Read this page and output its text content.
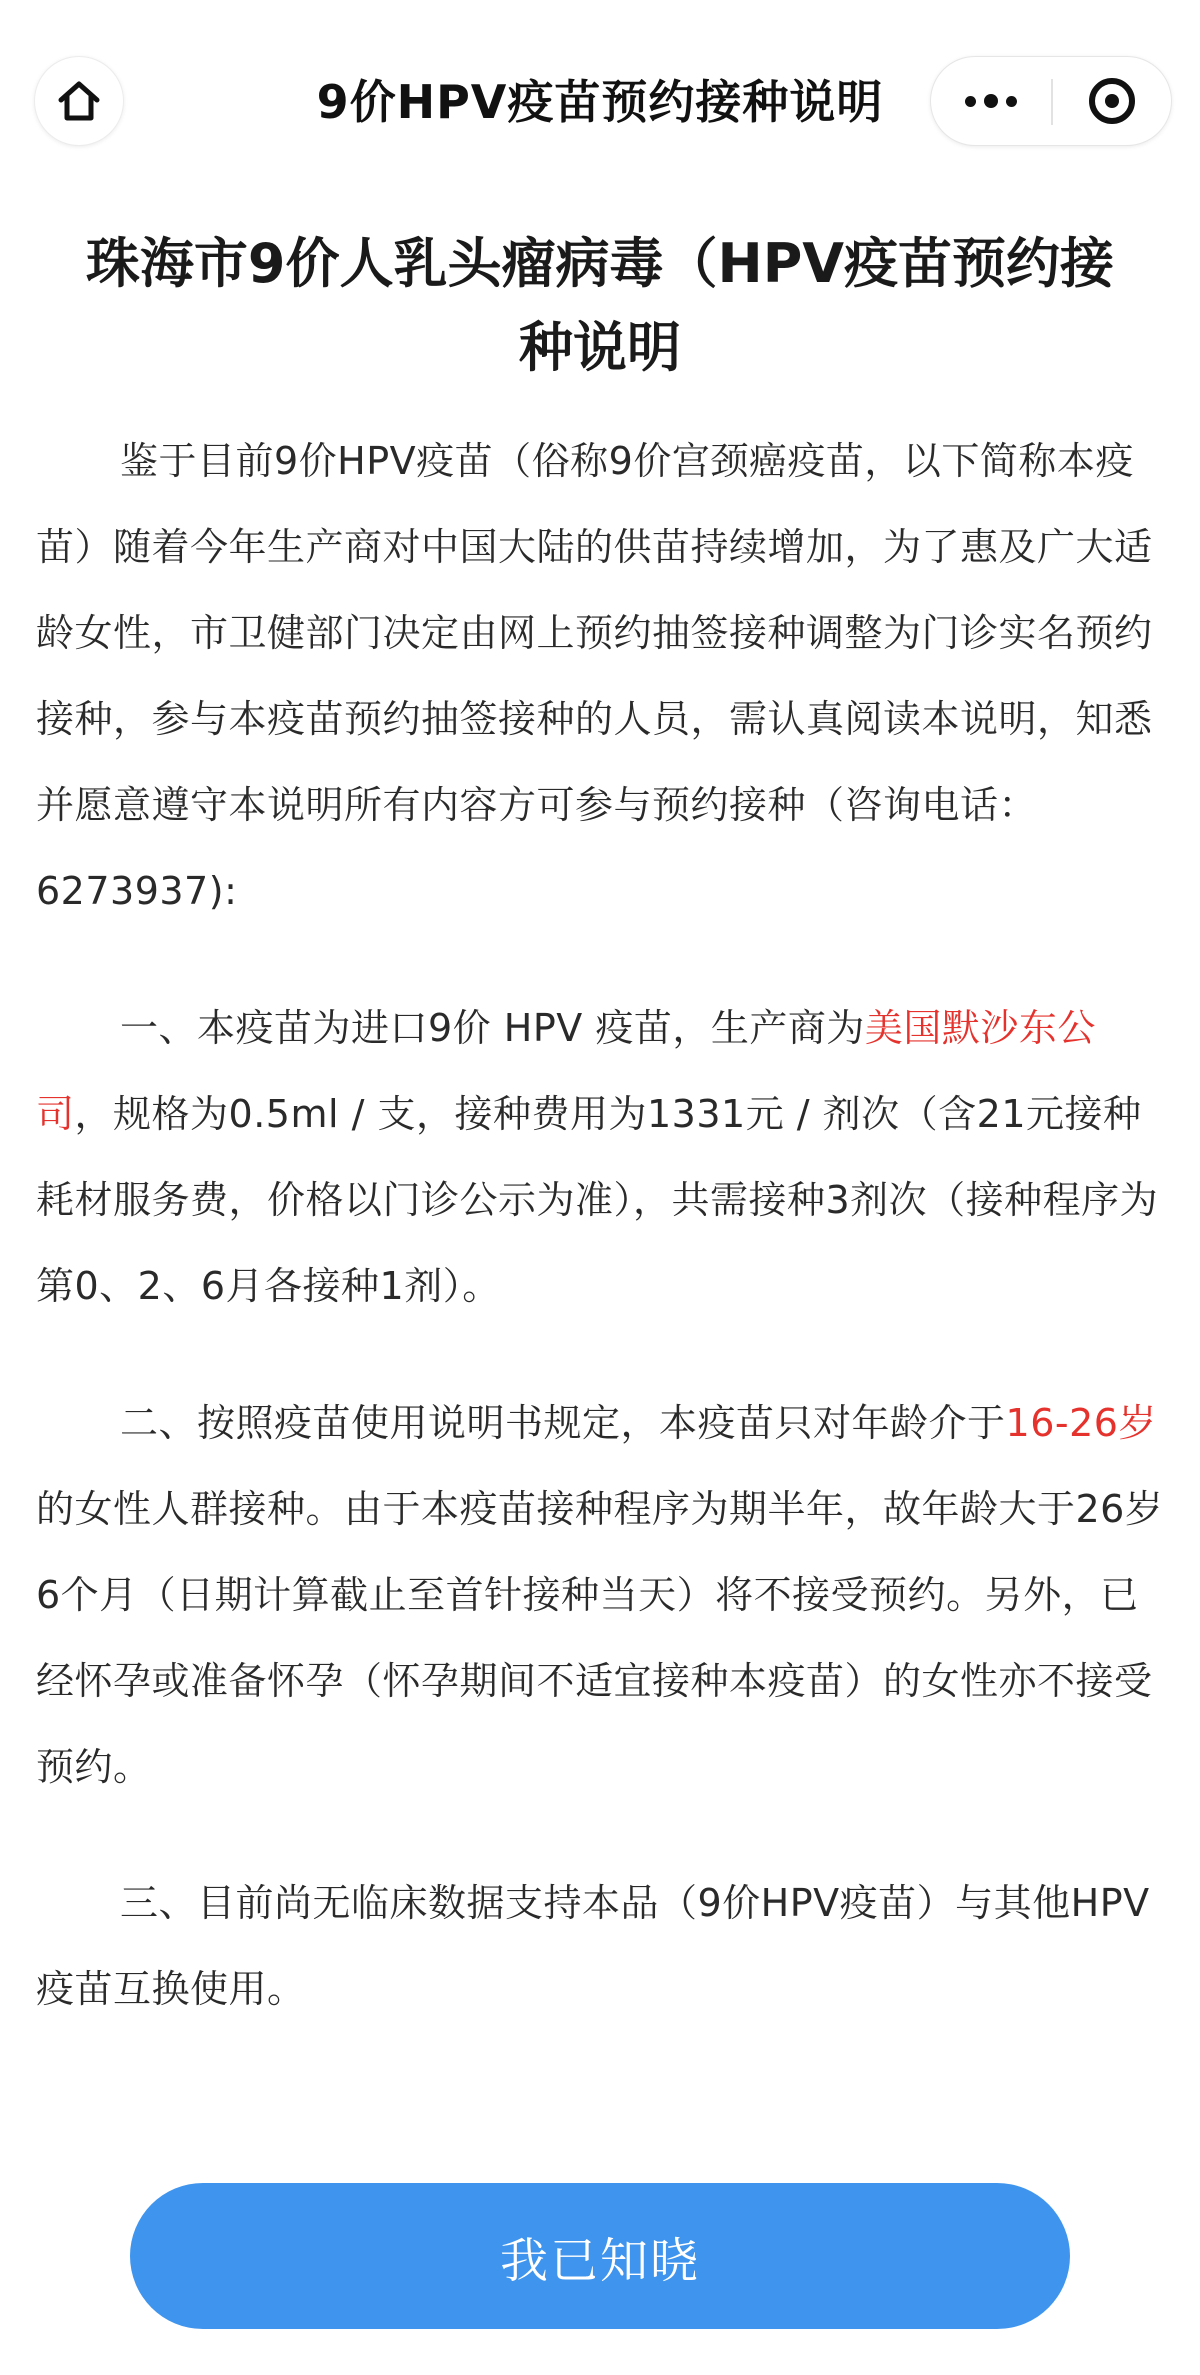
9价HPV疫苗预约接种说明
珠海市9价人乳头瘤病毒（HPV疫苗预约接种说明

鉴于目前9价HPV疫苗（俗称9价宫颈癌疫苗，以下简称本疫苗）随着今年生产商对中国大陆的供苗持续增加，为了惠及广大适龄女性，市卫健部门决定由网上预约抽签接种调整为门诊实名预约接种，参与本疫苗预约抽签接种的人员，需认真阅读本说明，知悉并愿意遵守本说明所有内容方可参与预约接种（咨询电话：6273937):

一、本疫苗为进口9价 HPV 疫苗，生产商为美国默沙东公司，规格为0.5ml / 支，接种费用为1331元 / 剂次（含21元接种耗材服务费，价格以门诊公示为准），共需接种3剂次（接种程序为第0、2、6月各接种1剂）。

二、按照疫苗使用说明书规定，本疫苗只对年龄介于16-26岁的女性人群接种。由于本疫苗接种程序为期半年，故年龄大于26岁6个月（日期计算截止至首针接种当天）将不接受预约。另外，已经怀孕或准备怀孕（怀孕期间不适宜接种本疫苗）的女性亦不接受预约。

三、目前尚无临床数据支持本品（9价HPV疫苗）与其他HPV疫苗互换使用。

我已知晓
